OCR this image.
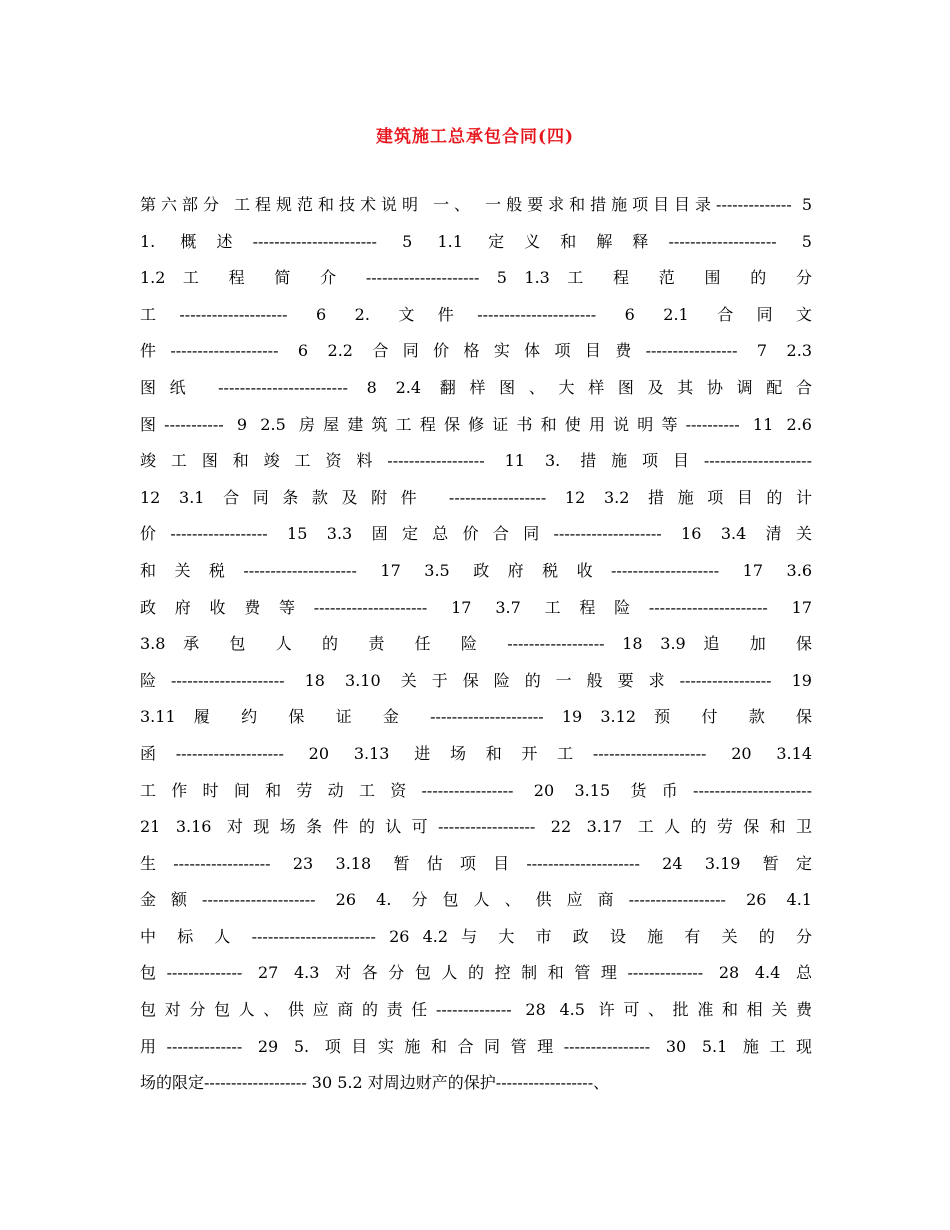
建筑施工总承包合同(四)
第六部分 工程规范和技术说明 一、 一般要求和措施项目目录-------------- 5
1. 概述----------------------- 5 1.1 定义和解释-------------------- 5
1.2 工 程 简 介 --------------------- 5 1.3 工 程 范 围 的 分
工-------------------- 6 2. 文件---------------------- 6 2.1 合同文
件-------------------- 6 2.2 合同价格实体项目费----------------- 7 2.3
图纸 ------------------------ 8 2.4 翻样图、大样图及其协调配合
图----------- 9 2.5 房屋建筑工程保修证书和使用说明等---------- 11 2.6
竣工图和竣工资料------------------ 11 3. 措施项目--------------------
12 3.1 合同条款及附件 ------------------ 12 3.2 措施项目的计
价------------------ 15 3.3 固定总价合同-------------------- 16 3.4 清关
和关税--------------------- 17 3.5 政府税收-------------------- 17 3.6
政府收费等--------------------- 17 3.7 工程险---------------------- 17
3.8 承 包 人 的 责 任 险 ------------------ 18 3.9 追 加 保
险--------------------- 18 3.10 关于保险的一般要求----------------- 19
3.11 履 约 保 证 金 --------------------- 19 3.12 预 付 款 保
函-------------------- 20 3.13 进场和开工--------------------- 20 3.14
工作时间和劳动工资----------------- 20 3.15 货币----------------------
21 3.16 对现场条件的认可------------------ 22 3.17 工人的劳保和卫
生------------------ 23 3.18 暂估项目--------------------- 24 3.19 暂定
金额--------------------- 26 4. 分包人、供应商------------------ 26 4.1
中 标 人 ----------------------- 26 4.2 与 大 市 政 设 施 有 关 的 分
包-------------- 27 4.3 对各分包人的控制和管理-------------- 28 4.4 总
包对分包人、供应商的责任-------------- 28 4.5 许可、批准和相关费
用-------------- 29 5. 项目实施和合同管理---------------- 30 5.1 施工现
场的限定------------------- 30 5.2 对周边财产的保护------------------、
